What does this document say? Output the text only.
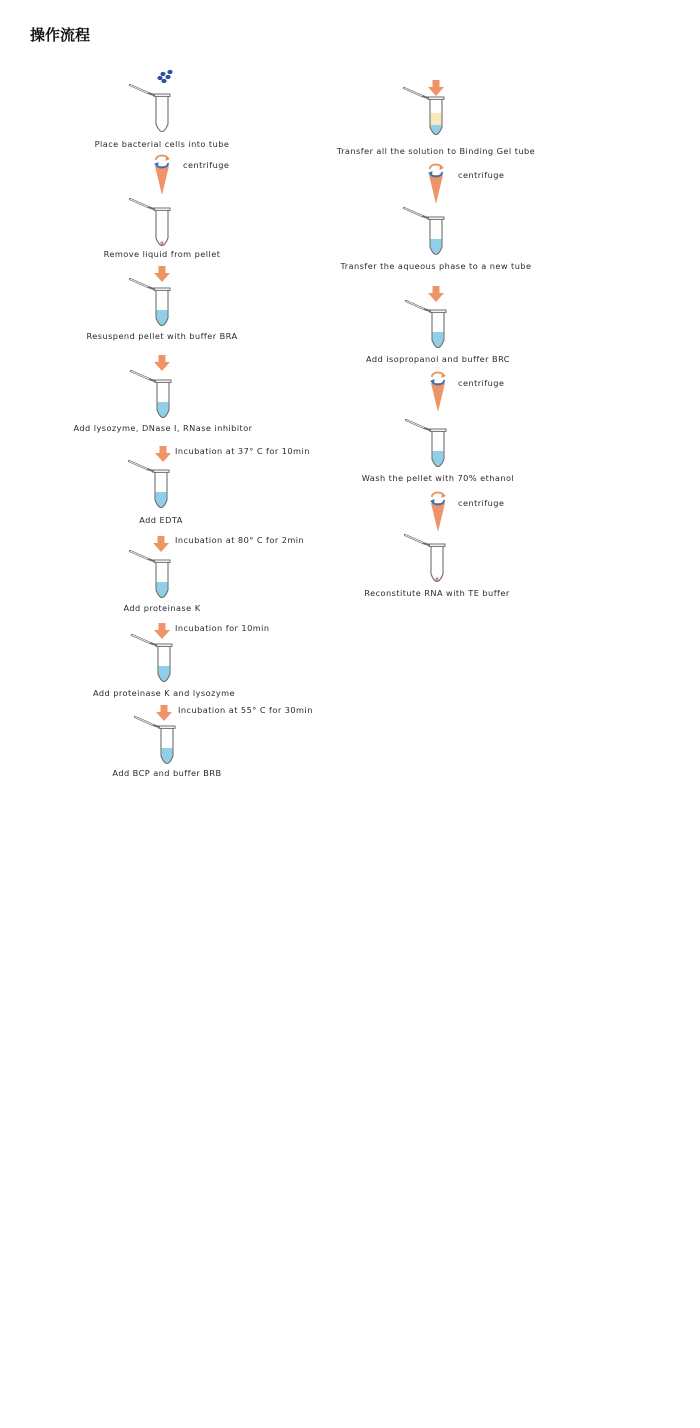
操作流程
Place bacterial cells into tube
centrifuge
Remove liquid from pellet
Resuspend pellet with buffer BRA
Add lysozyme, DNase I, RNase inhibitor
Incubation at 37° C for 10min
Add EDTA
Incubation at 80° C for 2min
Add proteinase K
Incubation for 10min
Add proteinase K and lysozyme
Incubation at 55° C for 30min
Add BCP and buffer BRB
Transfer all the solution to Binding Gel tube
centrifuge
Transfer the aqueous phase to a new tube
Add isopropanol and buffer BRC
centrifuge
Wash the pellet with 70% ethanol
centrifuge
Reconstitute RNA with TE buffer
